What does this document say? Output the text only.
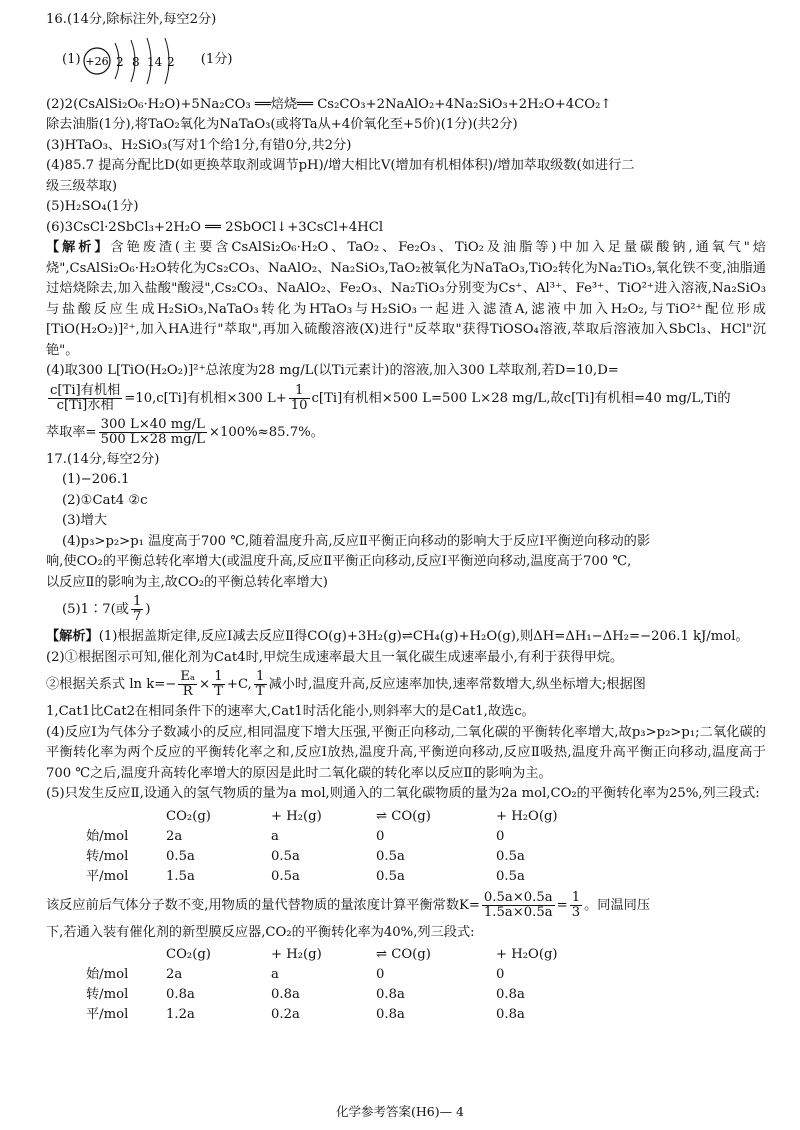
16.(14分,除标注外,每空2分)
(1) +26 2 8 14 2 (1分)
(2)2(CsAlSi₂O₆·H₂O)+5Na₂CO₃ ══焙烧══ Cs₂CO₃+2NaAlO₂+4Na₂SiO₃+2H₂O+4CO₂↑
除去油脂(1分),将TaO₂氧化为NaTaO₃(或将Ta从+4价氧化至+5价)(1分)(共2分)
(3)HTaO₃、H₂SiO₃(写对1个给1分,有错0分,共2分)
(4)85.7 提高分配比D(如更换萃取剂或调节pH)/增大相比V(增加有机相体积)/增加萃取级数(如进行二
级三级萃取)
(5)H₂SO₄(1分)
(6)3CsCl·2SbCl₃+2H₂O ══ 2SbOCl↓+3CsCl+4HCl
【解析】含铯废渣(主要含CsAlSi₂O₆·H₂O、TaO₂、Fe₂O₃、TiO₂及油脂等)中加入足量碳酸钠,通氧气"焙烧",CsAlSi₂O₆·H₂O转化为Cs₂CO₃、NaAlO₂、Na₂SiO₃,TaO₂被氧化为NaTaO₃,TiO₂转化为Na₂TiO₃,氧化铁不变,油脂通过焙烧除去,加入盐酸"酸浸",Cs₂CO₃、NaAlO₂、Fe₂O₃、Na₂TiO₃分别变为Cs⁺、Al³⁺、Fe³⁺、TiO²⁺进入溶液,Na₂SiO₃与盐酸反应生成H₂SiO₃,NaTaO₃转化为HTaO₃与H₂SiO₃一起进入滤渣A,滤液中加入H₂O₂,与TiO²⁺配位形成[TiO(H₂O₂)]²⁺,加入HA进行"萃取",再加入硫酸溶液(X)进行"反萃取"获得TiOSO₄溶液,萃取后溶液加入SbCl₃、HCl"沉铯"。
(4)取300 L[TiO(H₂O₂)]²⁺总浓度为28 mg/L(以Ti元素计)的溶液,加入300 L萃取剂,若D=10,D=
$\frac{\text{c[Ti]有机相}}{\text{c[Ti]水相}} =10,c[Ti]$有机相×300 $L+ \frac{1}{10} c[Ti]$有机相×500 L=500 L×28 mg/L,故c[Ti]有机相=40 mg/L,Ti的
萃取率= $\frac{300 L\times 40 mg/L}{500 L\times 28 mg/L} \times 100\%\approx 85.7\%$。
17.(14分,每空2分)
(1)−206.1
(2)①Cat4 ②c
(3)增大
(4)p₃>p₂>p₁ 温度高于700 ℃,随着温度升高,反应Ⅱ平衡正向移动的影响大于反应Ⅰ平衡逆向移动的影
响,使CO₂的平衡总转化率增大(或温度升高,反应Ⅱ平衡正向移动,反应Ⅰ平衡逆向移动,温度高于700 ℃,
以反应Ⅱ的影响为主,故CO₂的平衡总转化率增大)
(5)1∶7(或 $\frac{1}{7}$ )
【解析】(1)根据盖斯定律,反应Ⅰ减去反应Ⅱ得CO(g)+3H₂(g)⇌CH₄(g)+H₂O(g),则ΔH=ΔH₁−ΔH₂=−206.1 kJ/mol。
(2)①根据图示可知,催化剂为Cat4时,甲烷生成速率最大且一氧化碳生成速率最小,有利于获得甲烷。
②根据关系式 $\ln k=- \frac{\text{Eₐ}}{R} \times \frac{1}{T} +C$, $\frac{1}{T}$ 减小时,温度升高,反应速率加快,速率常数增大,纵坐标增大;根据图
1,Cat1比Cat2在相同条件下的速率大,Cat1时活化能小,则斜率大的是Cat1,故选c。
(4)反应Ⅰ为气体分子数减小的反应,相同温度下增大压强,平衡正向移动,二氧化碳的平衡转化率增大,故p₃>p₂>p₁;二氧化碳的平衡转化率为两个反应的平衡转化率之和,反应Ⅰ放热,温度升高,平衡逆向移动,反应Ⅱ吸热,温度升高平衡正向移动,温度高于700 ℃之后,温度升高转化率增大的原因是此时二氧化碳的转化率以反应Ⅱ的影响为主。
(5)只发生反应Ⅱ,设通入的氢气物质的量为a mol,则通入的二氧化碳物质的量为2a mol,CO₂的平衡转化率为25%,列三段式:
CO₂(g)	+ H₂(g)	⇌ CO(g)	+ H₂O(g)
始/mol	2a	a	0	0
转/mol	0.5a	0.5a	0.5a	0.5a
平/mol	1.5a	0.5a	0.5a	0.5a
该反应前后气体分子数不变,用物质的量代替物质的量浓度计算平衡常数$K= \frac{0.5a\times 0.5a}{1.5a\times 0.5a} = \frac{1}{3}$ 。同温同压
下,若通入装有催化剂的新型膜反应器,CO₂的平衡转化率为40%,列三段式:
CO₂(g)	+ H₂(g)	⇌ CO(g)	+ H₂O(g)
始/mol	2a	a	0	0
转/mol	0.8a	0.8a	0.8a	0.8a
平/mol	1.2a	0.2a	0.8a	0.8a
化学参考答案(H6)— 4
